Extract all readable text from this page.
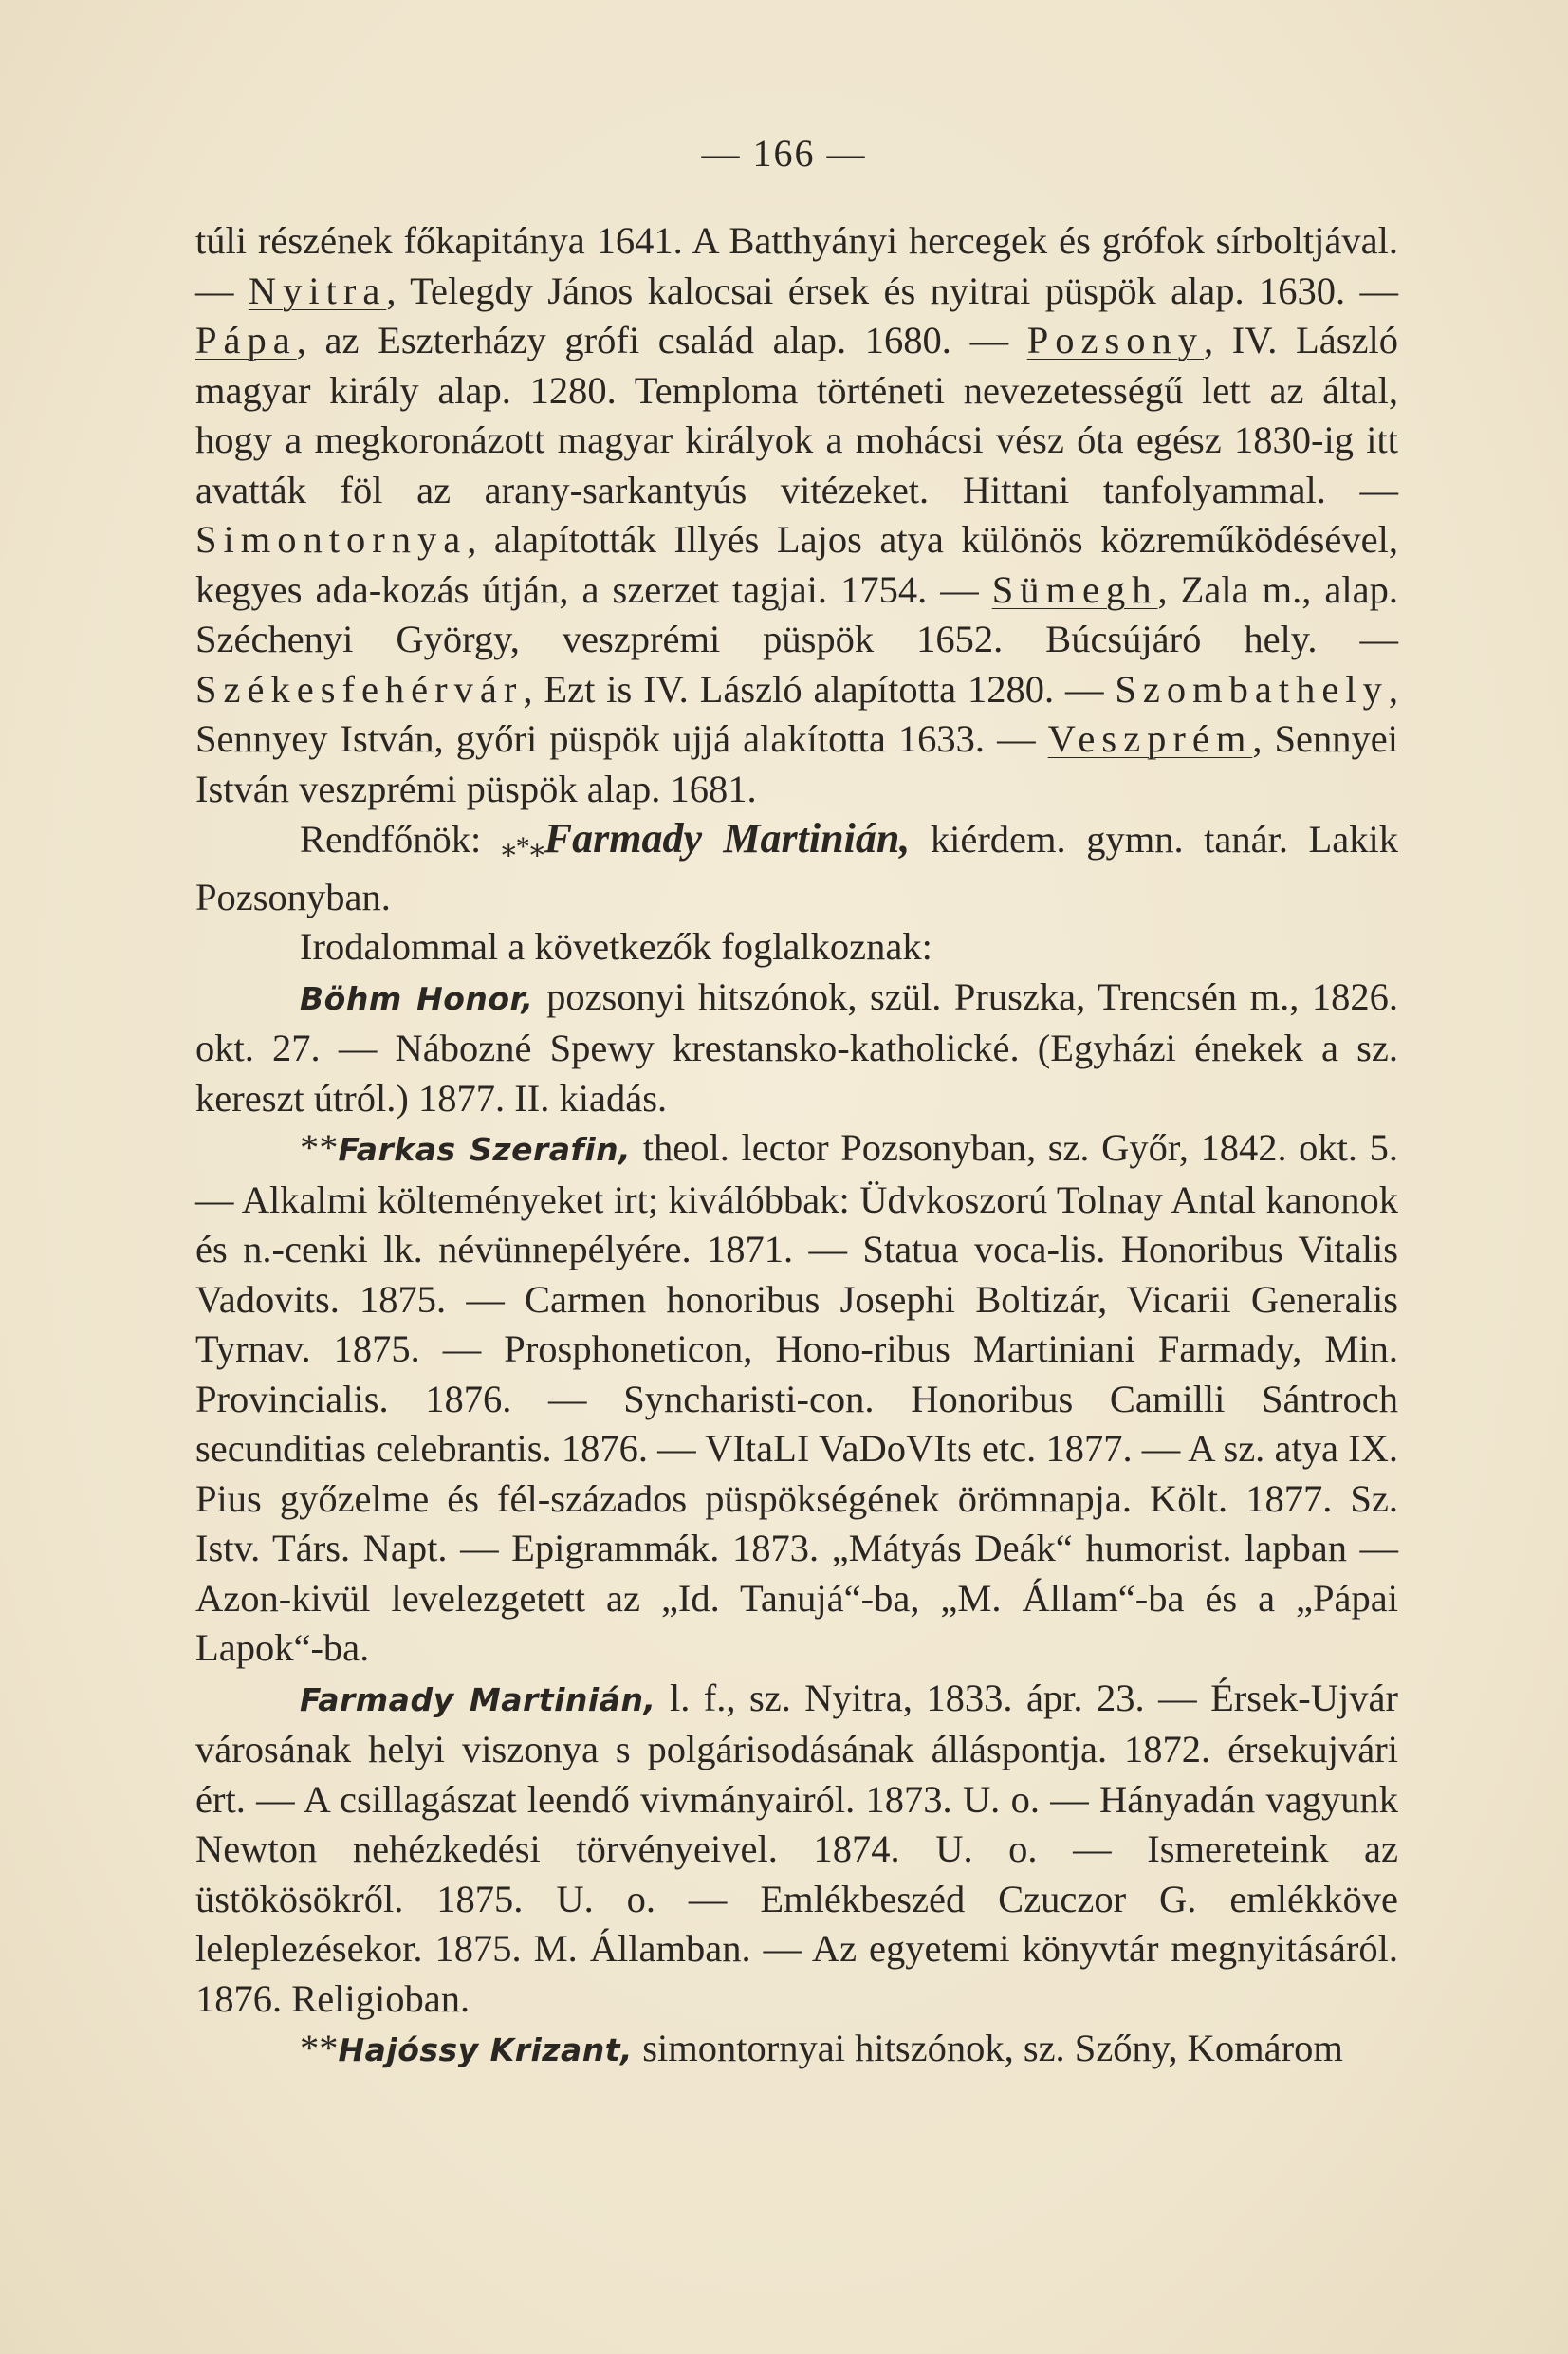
— 166 —

túli részének főkapitánya 1641. A Batthyányi hercegek és grófok sírboltjával. — Nyitra, Telegdy János kalocsai érsek és nyitrai püspök alap. 1630. — Pápa, az Eszterházy grófi család alap. 1680. — Pozsony, IV. László magyar király alap. 1280. Temploma történeti nevezetességű lett az által, hogy a megkoronázott magyar királyok a mohácsi vész óta egész 1830-ig itt avatták föl az arany-sarkantyús vitézeket. Hittani tanfolyammal. — Simontornya, alapították Illyés Lajos atya különös közreműködésével, kegyes ada-kozás útján, a szerzet tagjai. 1754. — Sümegh, Zala m., alap. Széchenyi György, veszprémi püspök 1652. Búcsújáró hely. — Székesfehérvár, Ezt is IV. László alapította 1280. — Szombathely, Sennyey István, győri püspök ujjá alakította 1633. — Veszprém, Sennyei István veszprémi püspök alap. 1681.

Rendfőnök: ⁎*⁎Farmady Martinián, kiérdem. gymn. tanár. Lakik Pozsonyban.

Irodalommal a következők foglalkoznak:

Böhm Honor, pozsonyi hitszónok, szül. Pruszka, Trencsén m., 1826. okt. 27. — Nábozné Spewy krestansko-katholické. (Egyházi énekek a sz. kereszt útról.) 1877. II. kiadás.

**Farkas Szerafin, theol. lector Pozsonyban, sz. Győr, 1842. okt. 5. — Alkalmi költeményeket irt; kiválóbbak: Üdvkoszorú Tolnay Antal kanonok és n.-cenki lk. névünnepélyére. 1871. — Statua voca-lis. Honoribus Vitalis Vadovits. 1875. — Carmen honoribus Josephi Boltizár, Vicarii Generalis Tyrnav. 1875. — Prosphoneticon, Hono-ribus Martiniani Farmady, Min. Provincialis. 1876. — Syncharisti-con. Honoribus Camilli Sántroch secunditias celebrantis. 1876. — VItaLI VaDoVIts etc. 1877. — A sz. atya IX. Pius győzelme és fél-százados püspökségének örömnapja. Költ. 1877. Sz. Istv. Társ. Napt. — Epigrammák. 1873. „Mátyás Deák“ humorist. lapban — Azon-kivül levelezgetett az „Id. Tanujá“-ba, „M. Állam“-ba és a „Pápai Lapok“-ba.

Farmady Martinián, l. f., sz. Nyitra, 1833. ápr. 23. — Érsek-Ujvár városának helyi viszonya s polgárisodásának álláspontja. 1872. érsekujvári ért. — A csillagászat leendő vivmányairól. 1873. U. o. — Hányadán vagyunk Newton nehézkedési törvényeivel. 1874. U. o. — Ismereteink az üstökösökről. 1875. U. o. — Emlékbeszéd Czuczor G. emlékköve leleplezésekor. 1875. M. Államban. — Az egyetemi könyvtár megnyitásáról. 1876. Religioban.

**Hajóssy Krizant, simontornyai hitszónok, sz. Szőny, Komárom
